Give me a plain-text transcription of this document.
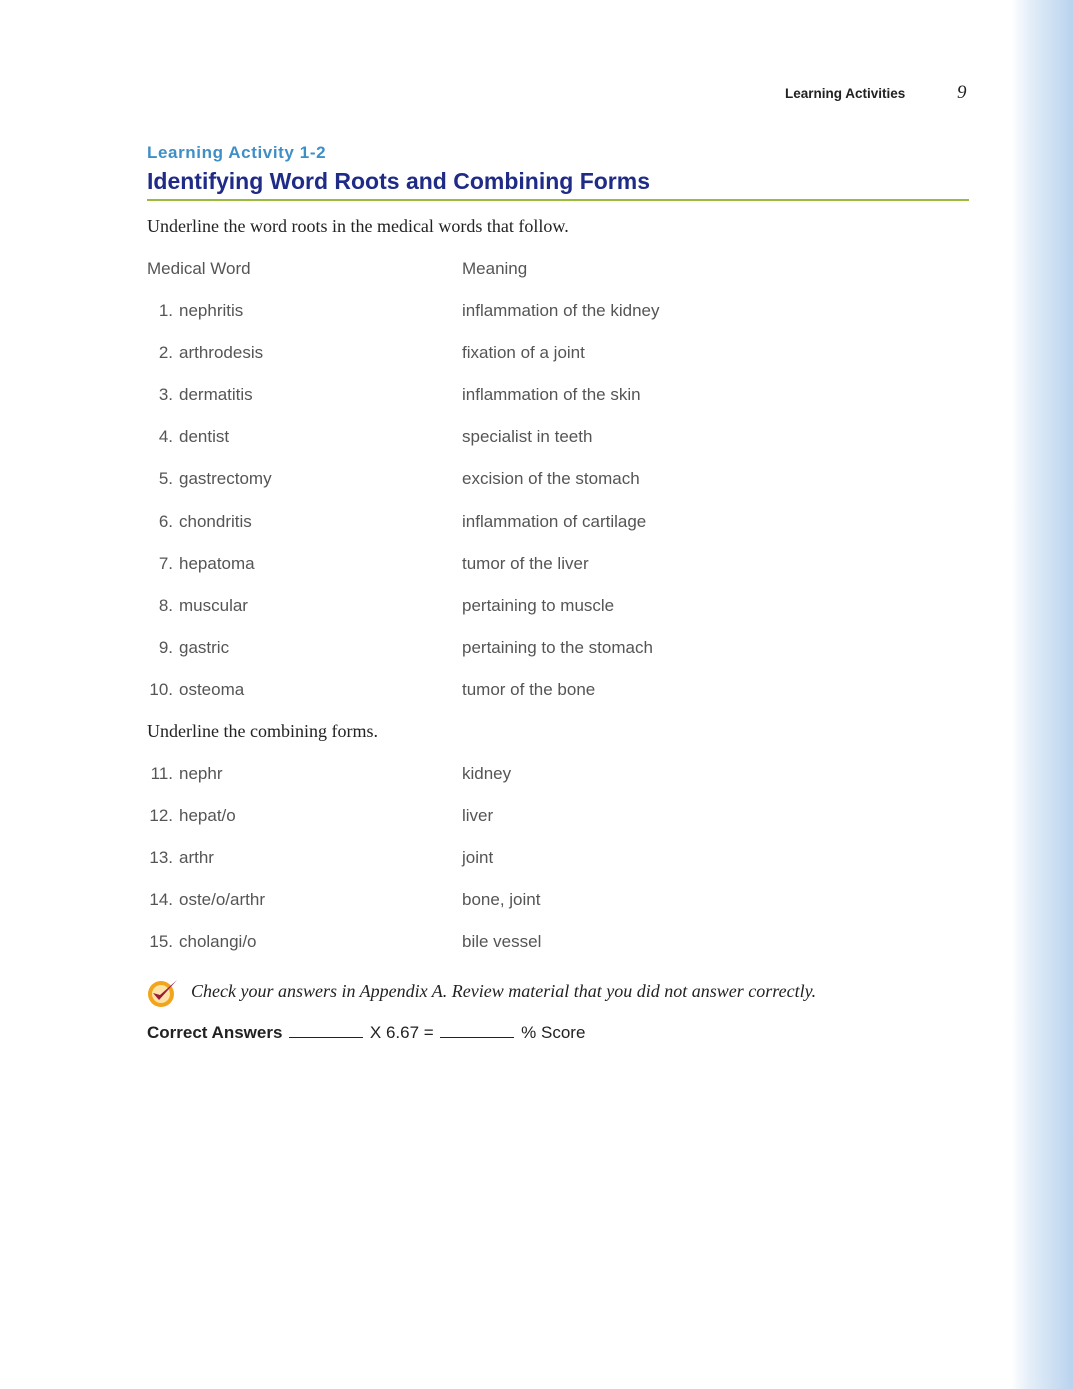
Learning Activities	9
Learning Activity 1-2
Identifying Word Roots and Combining Forms
Underline the word roots in the medical words that follow.
Medical Word	Meaning
1. nephritis	inflammation of the kidney
2. arthrodesis	fixation of a joint
3. dermatitis	inflammation of the skin
4. dentist	specialist in teeth
5. gastrectomy	excision of the stomach
6. chondritis	inflammation of cartilage
7. hepatoma	tumor of the liver
8. muscular	pertaining to muscle
9. gastric	pertaining to the stomach
10. osteoma	tumor of the bone
Underline the combining forms.
11. nephr	kidney
12. hepat/o	liver
13. arthr	joint
14. oste/o/arthr	bone, joint
15. cholangi/o	bile vessel
Check your answers in Appendix A. Review material that you did not answer correctly.
Correct Answers	X 6.67 =	% Score
